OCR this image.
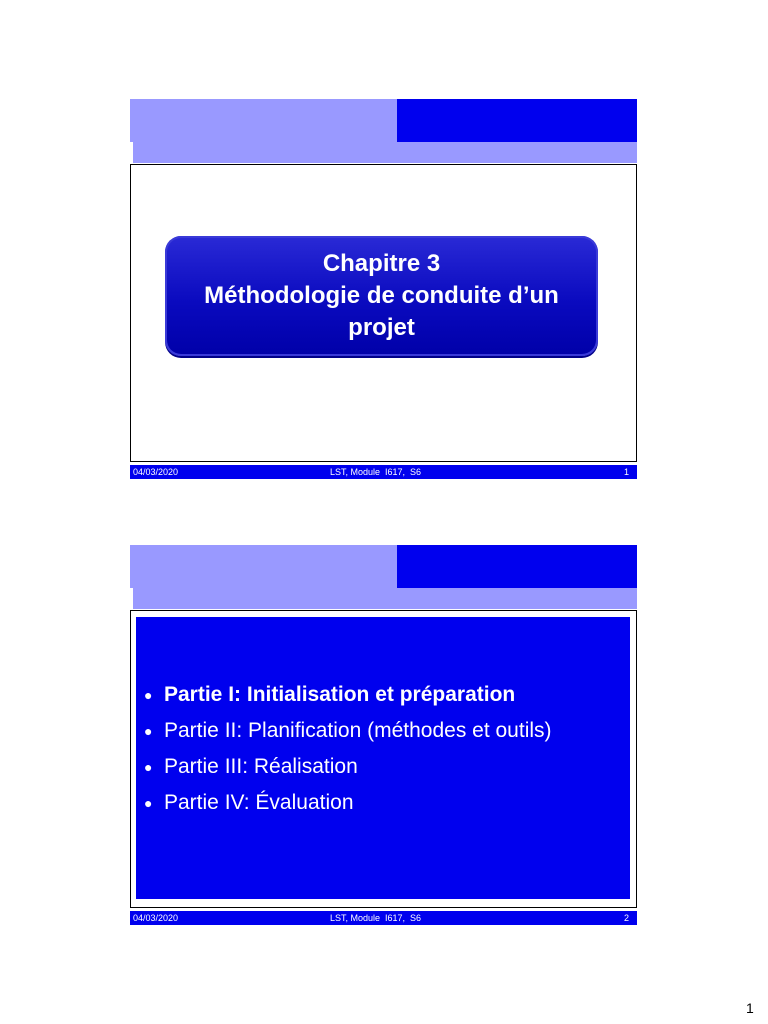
Chapitre 3
Méthodologie de conduite d’un
projet
04/03/2020	LST, Module  I617,  S6	1
● Partie I: Initialisation et préparation
● Partie II: Planification (méthodes et outils)
● Partie III: Réalisation
● Partie IV: Évaluation
04/03/2020	LST, Module  I617,  S6	2
1
